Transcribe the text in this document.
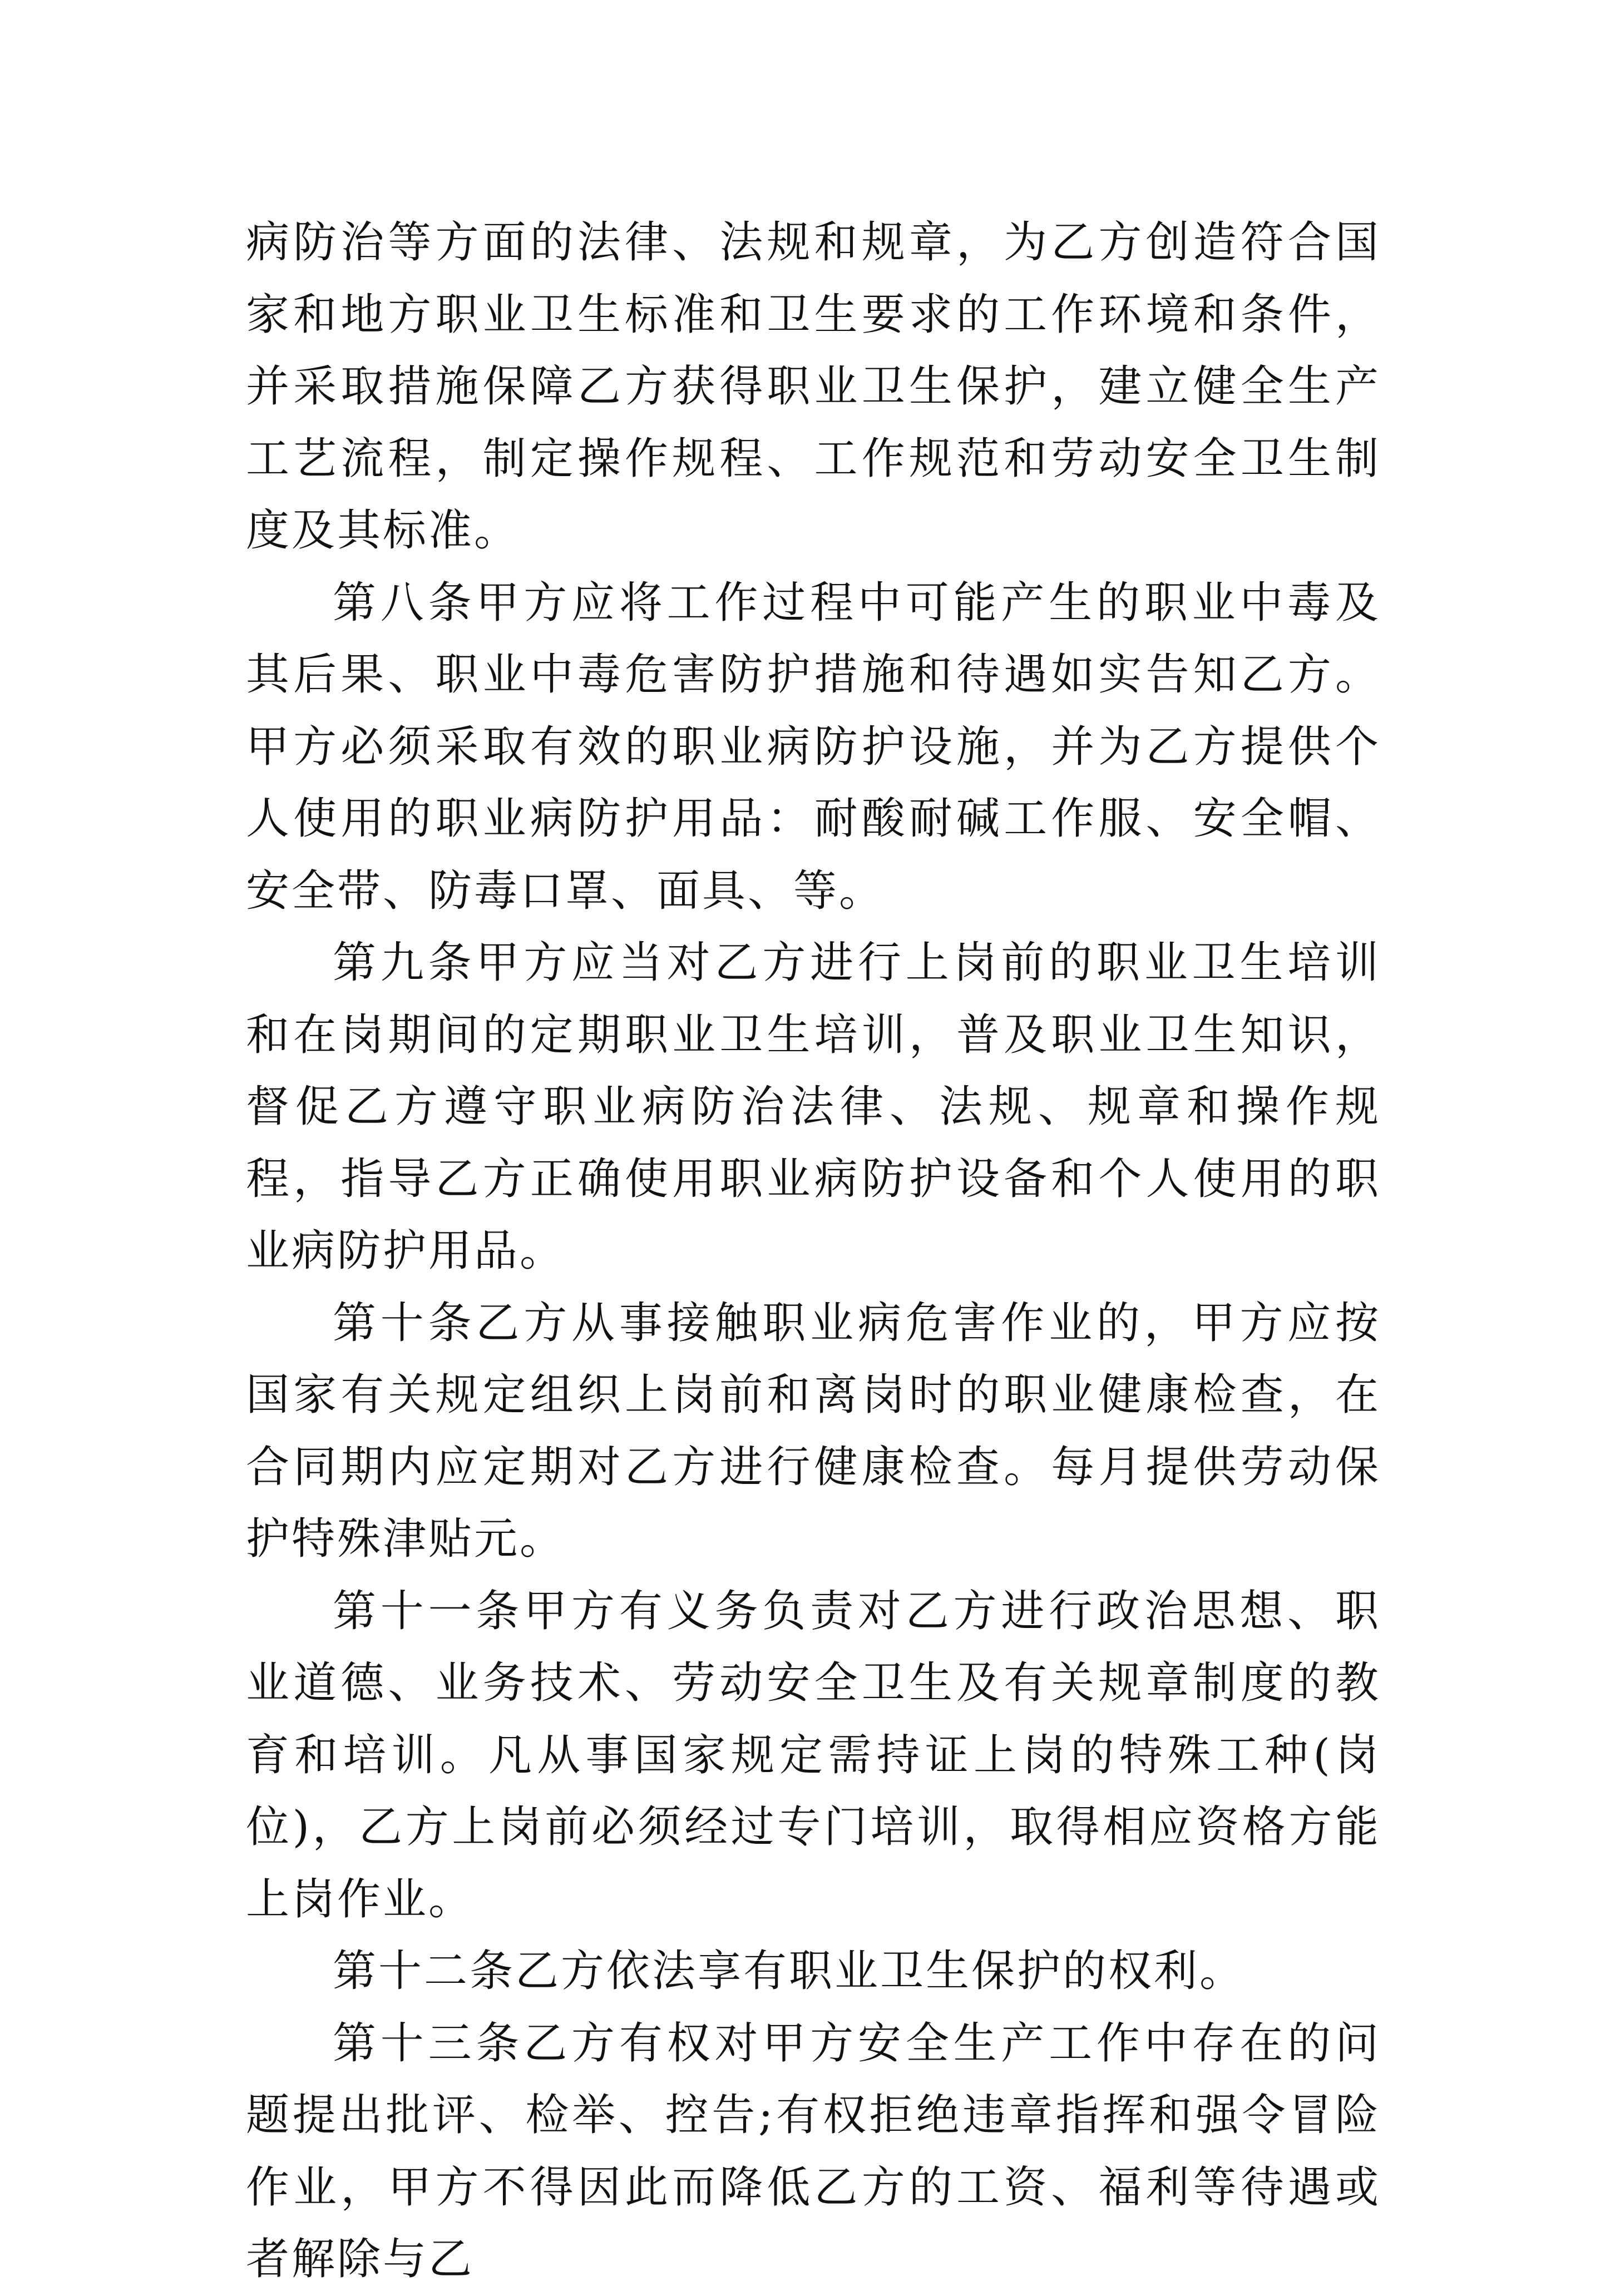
病防治等方面的法律、法规和规章，为乙方创造符合国家和地方职业卫生标准和卫生要求的工作环境和条件，并采取措施保障乙方获得职业卫生保护，建立健全生产工艺流程，制定操作规程、工作规范和劳动安全卫生制度及其标准。

第八条甲方应将工作过程中可能产生的职业中毒及其后果、职业中毒危害防护措施和待遇如实告知乙方。甲方必须采取有效的职业病防护设施，并为乙方提供个人使用的职业病防护用品：耐酸耐碱工作服、安全帽、安全带、防毒口罩、面具、等。

第九条甲方应当对乙方进行上岗前的职业卫生培训和在岗期间的定期职业卫生培训，普及职业卫生知识，督促乙方遵守职业病防治法律、法规、规章和操作规程，指导乙方正确使用职业病防护设备和个人使用的职业病防护用品。

第十条乙方从事接触职业病危害作业的，甲方应按国家有关规定组织上岗前和离岗时的职业健康检查，在合同期内应定期对乙方进行健康检查。每月提供劳动保护特殊津贴元。

第十一条甲方有义务负责对乙方进行政治思想、职业道德、业务技术、劳动安全卫生及有关规章制度的教育和培训。凡从事国家规定需持证上岗的特殊工种(岗位)，乙方上岗前必须经过专门培训，取得相应资格方能上岗作业。

第十二条乙方依法享有职业卫生保护的权利。

第十三条乙方有权对甲方安全生产工作中存在的问题提出批评、检举、控告;有权拒绝违章指挥和强令冒险作业，甲方不得因此而降低乙方的工资、福利等待遇或者解除与乙
